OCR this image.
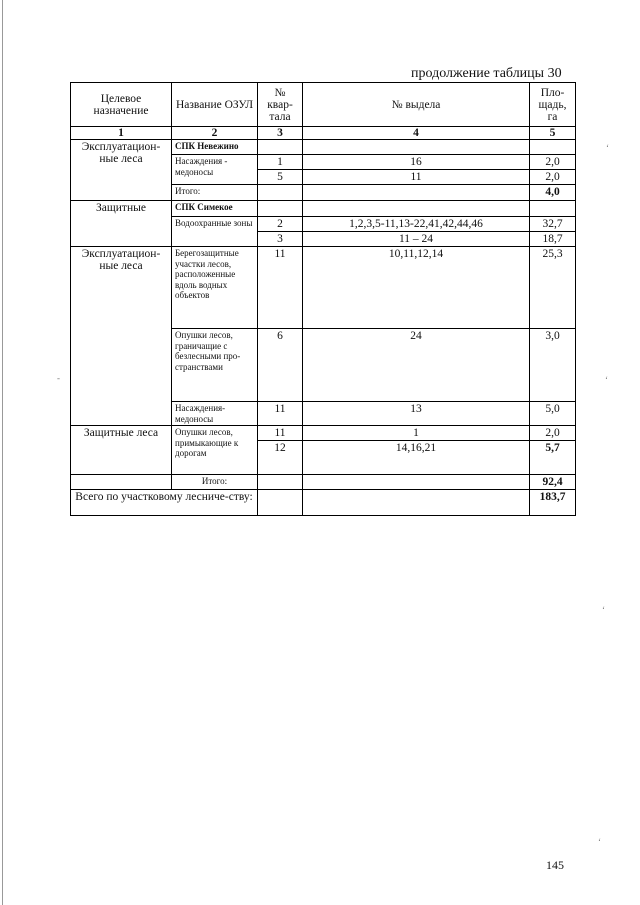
продолжение таблицы 30
Целевое назначение	Название ОЗУЛ	№ квар-тала	№ выдела	Пло-щадь, га
1	2	3	4	5
Эксплуатацион-ные леса	СПК Невежино			
	Насаждения - медоносы	1	16	2,0
		5	11	2,0
	Итого:			4,0
Защитные	СПК Симекое			
	Водоохранные зоны	2	1,2,3,5-11,13-22,41,42,44,46	32,7
		3	11 – 24	18,7
Эксплуатацион-ные леса	Берегозащитные участки лесов, расположенные вдоль водных объектов	11	10,11,12,14	25,3
	Опушки лесов, граничащие с безлесными про-странствами	6	24	3,0
	Насаждения-медоносы	11	13	5,0
Защитные леса	Опушки лесов, примыкающие к дорогам	11	1	2,0
		12	14,16,21	5,7
	Итого:			92,4
Всего по участковому лесниче-ству:				183,7
ʻ
ʻ
ʻ
ʻ
-
145
